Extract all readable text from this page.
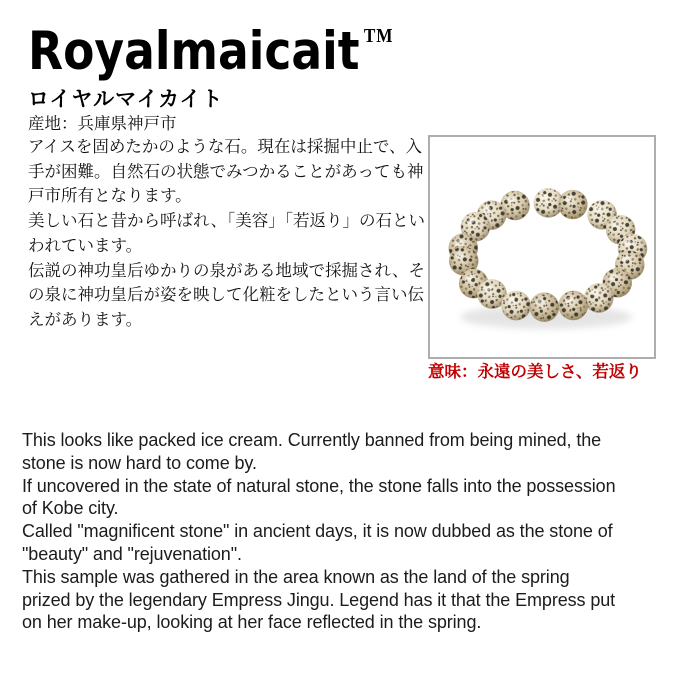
Royalmaicait ™
ロイヤルマイカイト
産地：兵庫県神戸市
アイスを固めたかのような石。現在は採掘中止で、入
手が困難。自然石の状態でみつかることがあっても神
戸市所有となります。
美しい石と昔から呼ばれ、「美容」「若返り」の石とい
われています。
伝説の神功皇后ゆかりの泉がある地域で採掘され、そ
の泉に神功皇后が姿を映して化粧をしたという言い伝
えがあります。
意味：永遠の美しさ、若返り
This looks like packed ice cream. Currently banned from being mined, the
stone is now hard to come by.
If uncovered in the state of natural stone, the stone falls into the possession
of Kobe city.
Called "magnificent stone" in ancient days, it is now dubbed as the stone of
"beauty" and "rejuvenation".
This sample was gathered in the area known as the land of the spring
prized by the legendary Empress Jingu. Legend has it that the Empress put
on her make-up, looking at her face reflected in the spring.
